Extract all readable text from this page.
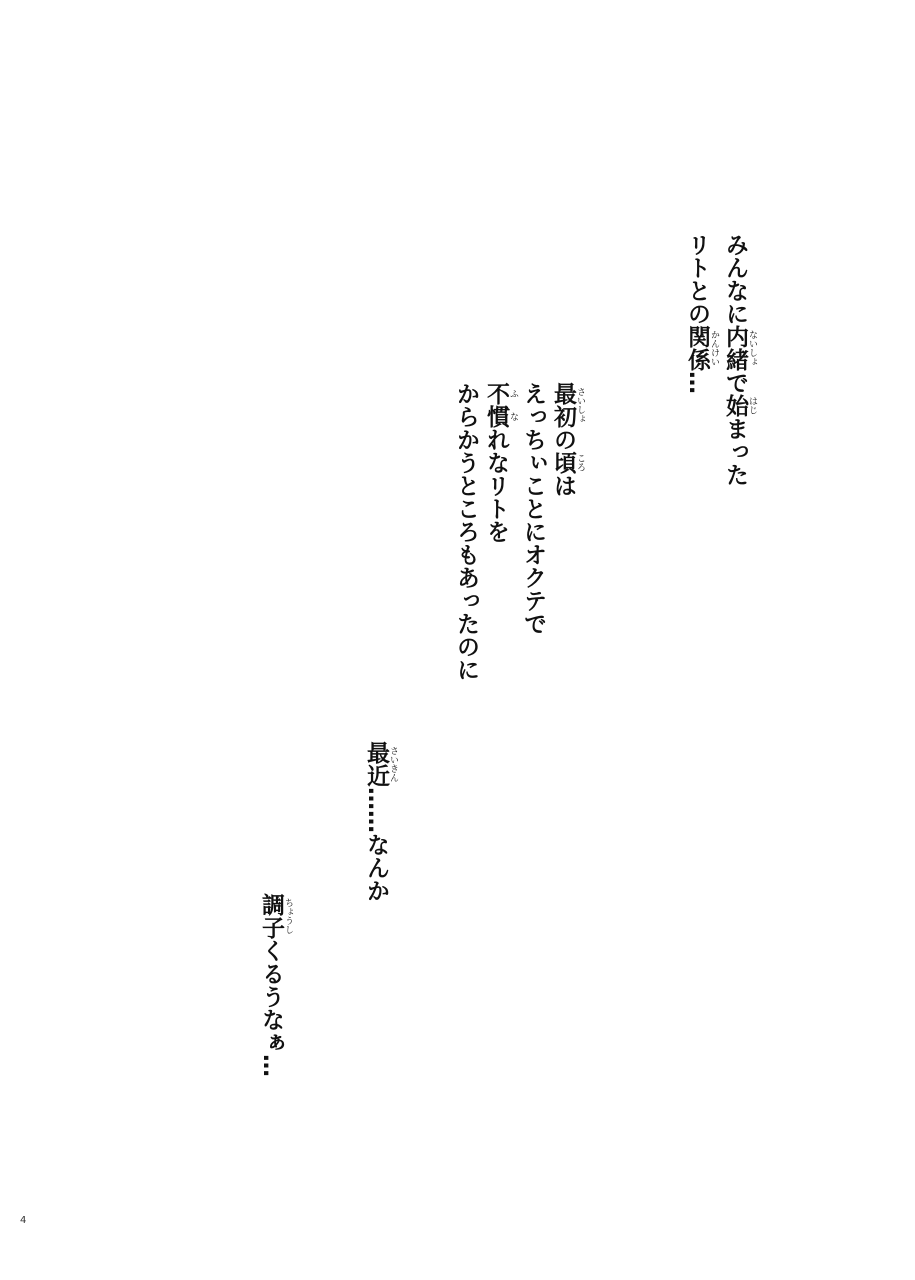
みんなに内緒 ないしょで始 はじまった
リトとの関係 かんけい…
最初 さいしょの頃 ころは
えっちぃことにオクテで
不 ふ慣 なれなリトを
からかうところもあったのに
最近 さいきん……なんか
調子 ちょうしくるうなぁ…
4
